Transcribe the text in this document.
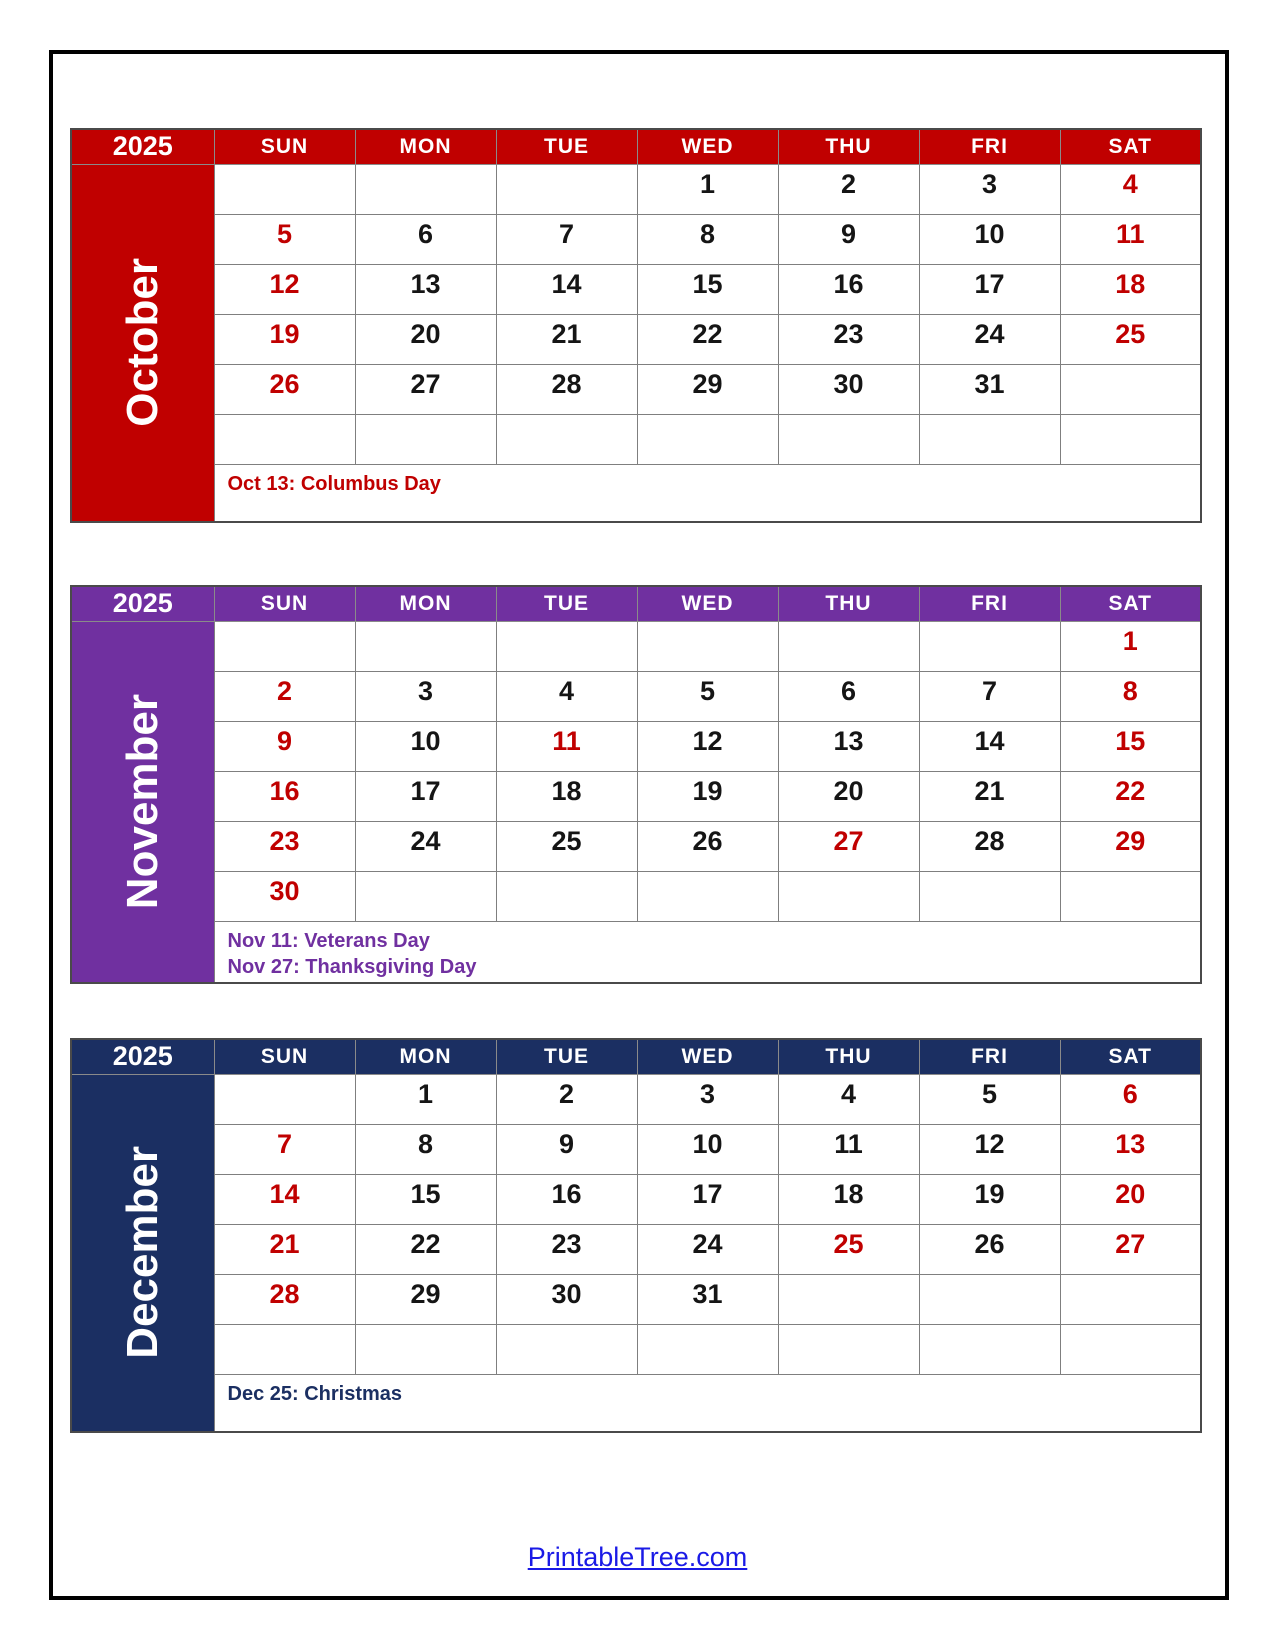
2025	SUN	MON	TUE	WED	THU	FRI	SAT

October				1	2	3	4
	5	6	7	8	9	10	11
	12	13	14	15	16	17	18
	19	20	21	22	23	24	25
	26	27	28	29	30	31	

	Oct 13: Columbus Day						
2025	SUN	MON	TUE	WED	THU	FRI	SAT

November							1
	2	3	4	5	6	7	8
	9	10	11	12	13	14	15
	16	17	18	19	20	21	22
	23	24	25	26	27	28	29
	30						

	Nov 11: Veterans Day
Nov 27: Thanksgiving Day						
2025	SUN	MON	TUE	WED	THU	FRI	SAT

December		1	2	3	4	5	6
	7	8	9	10	11	12	13
	14	15	16	17	18	19	20
	21	22	23	24	25	26	27
	28	29	30	31			

	Dec 25: Christmas						
PrintableTree.com
